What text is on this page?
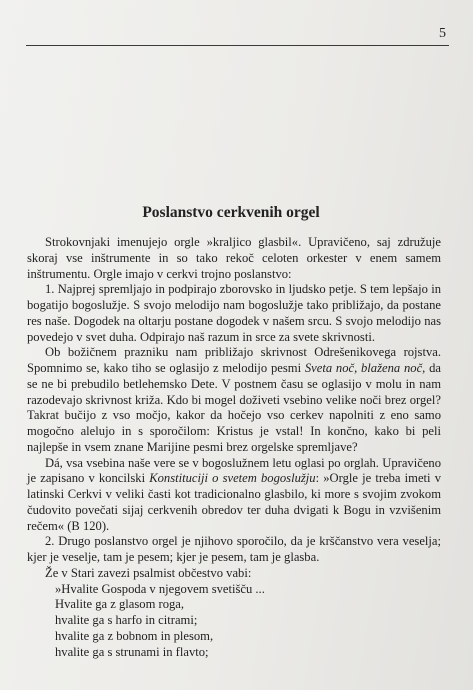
5
Poslanstvo cerkvenih orgel

Strokovnjaki imenujejo orgle »kraljico glasbil«. Upravičeno, saj združuje skoraj vse inštrumente in so tako rekoč celoten orkester v enem samem inštrumentu. Orgle imajo v cerkvi trojno poslanstvo:

1. Najprej spremljajo in podpirajo zborovsko in ljudsko petje. S tem lepšajo in bogatijo bogoslužje. S svojo melodijo nam bogoslužje tako približajo, da postane res naše. Dogodek na oltarju postane dogodek v našem srcu. S svojo melodijo nas povedejo v svet duha. Odpirajo naš razum in srce za svete skrivnosti.

Ob božičnem prazniku nam približajo skrivnost Odrešenikovega rojstva. Spomnimo se, kako tiho se oglasijo z melodijo pesmi Sveta noč, blažena noč, da se ne bi prebudilo betlehemsko Dete. V postnem času se oglasijo v molu in nam razodevajo skrivnost križa. Kdo bi mogel doživeti vsebino velike noči brez orgel? Takrat bučijo z vso močjo, kakor da hočejo vso cerkev napolniti z eno samo mogočno alelujo in s sporočilom: Kristus je vstal! In končno, kako bi peli najlepše in vsem znane Marijine pesmi brez orgelske spremljave?

Dá, vsa vsebina naše vere se v bogoslužnem letu oglasi po orglah. Upravičeno je zapisano v koncilski Konstituciji o svetem bogoslužju: »Orgle je treba imeti v latinski Cerkvi v veliki časti kot tradicionalno glasbilo, ki more s svojim zvokom čudovito povečati sijaj cerkvenih obredov ter duha dvigati k Bogu in vzvišenim rečem« (B 120).

2. Drugo poslanstvo orgel je njihovo sporočilo, da je krščanstvo vera veselja; kjer je veselje, tam je pesem; kjer je pesem, tam je glasba.

Že v Stari zavezi psalmist občestvo vabi:

»Hvalite Gospoda v njegovem svetišču ...

Hvalite ga z glasom roga,

hvalite ga s harfo in citrami;

hvalite ga z bobnom in plesom,

hvalite ga s strunami in flavto;
